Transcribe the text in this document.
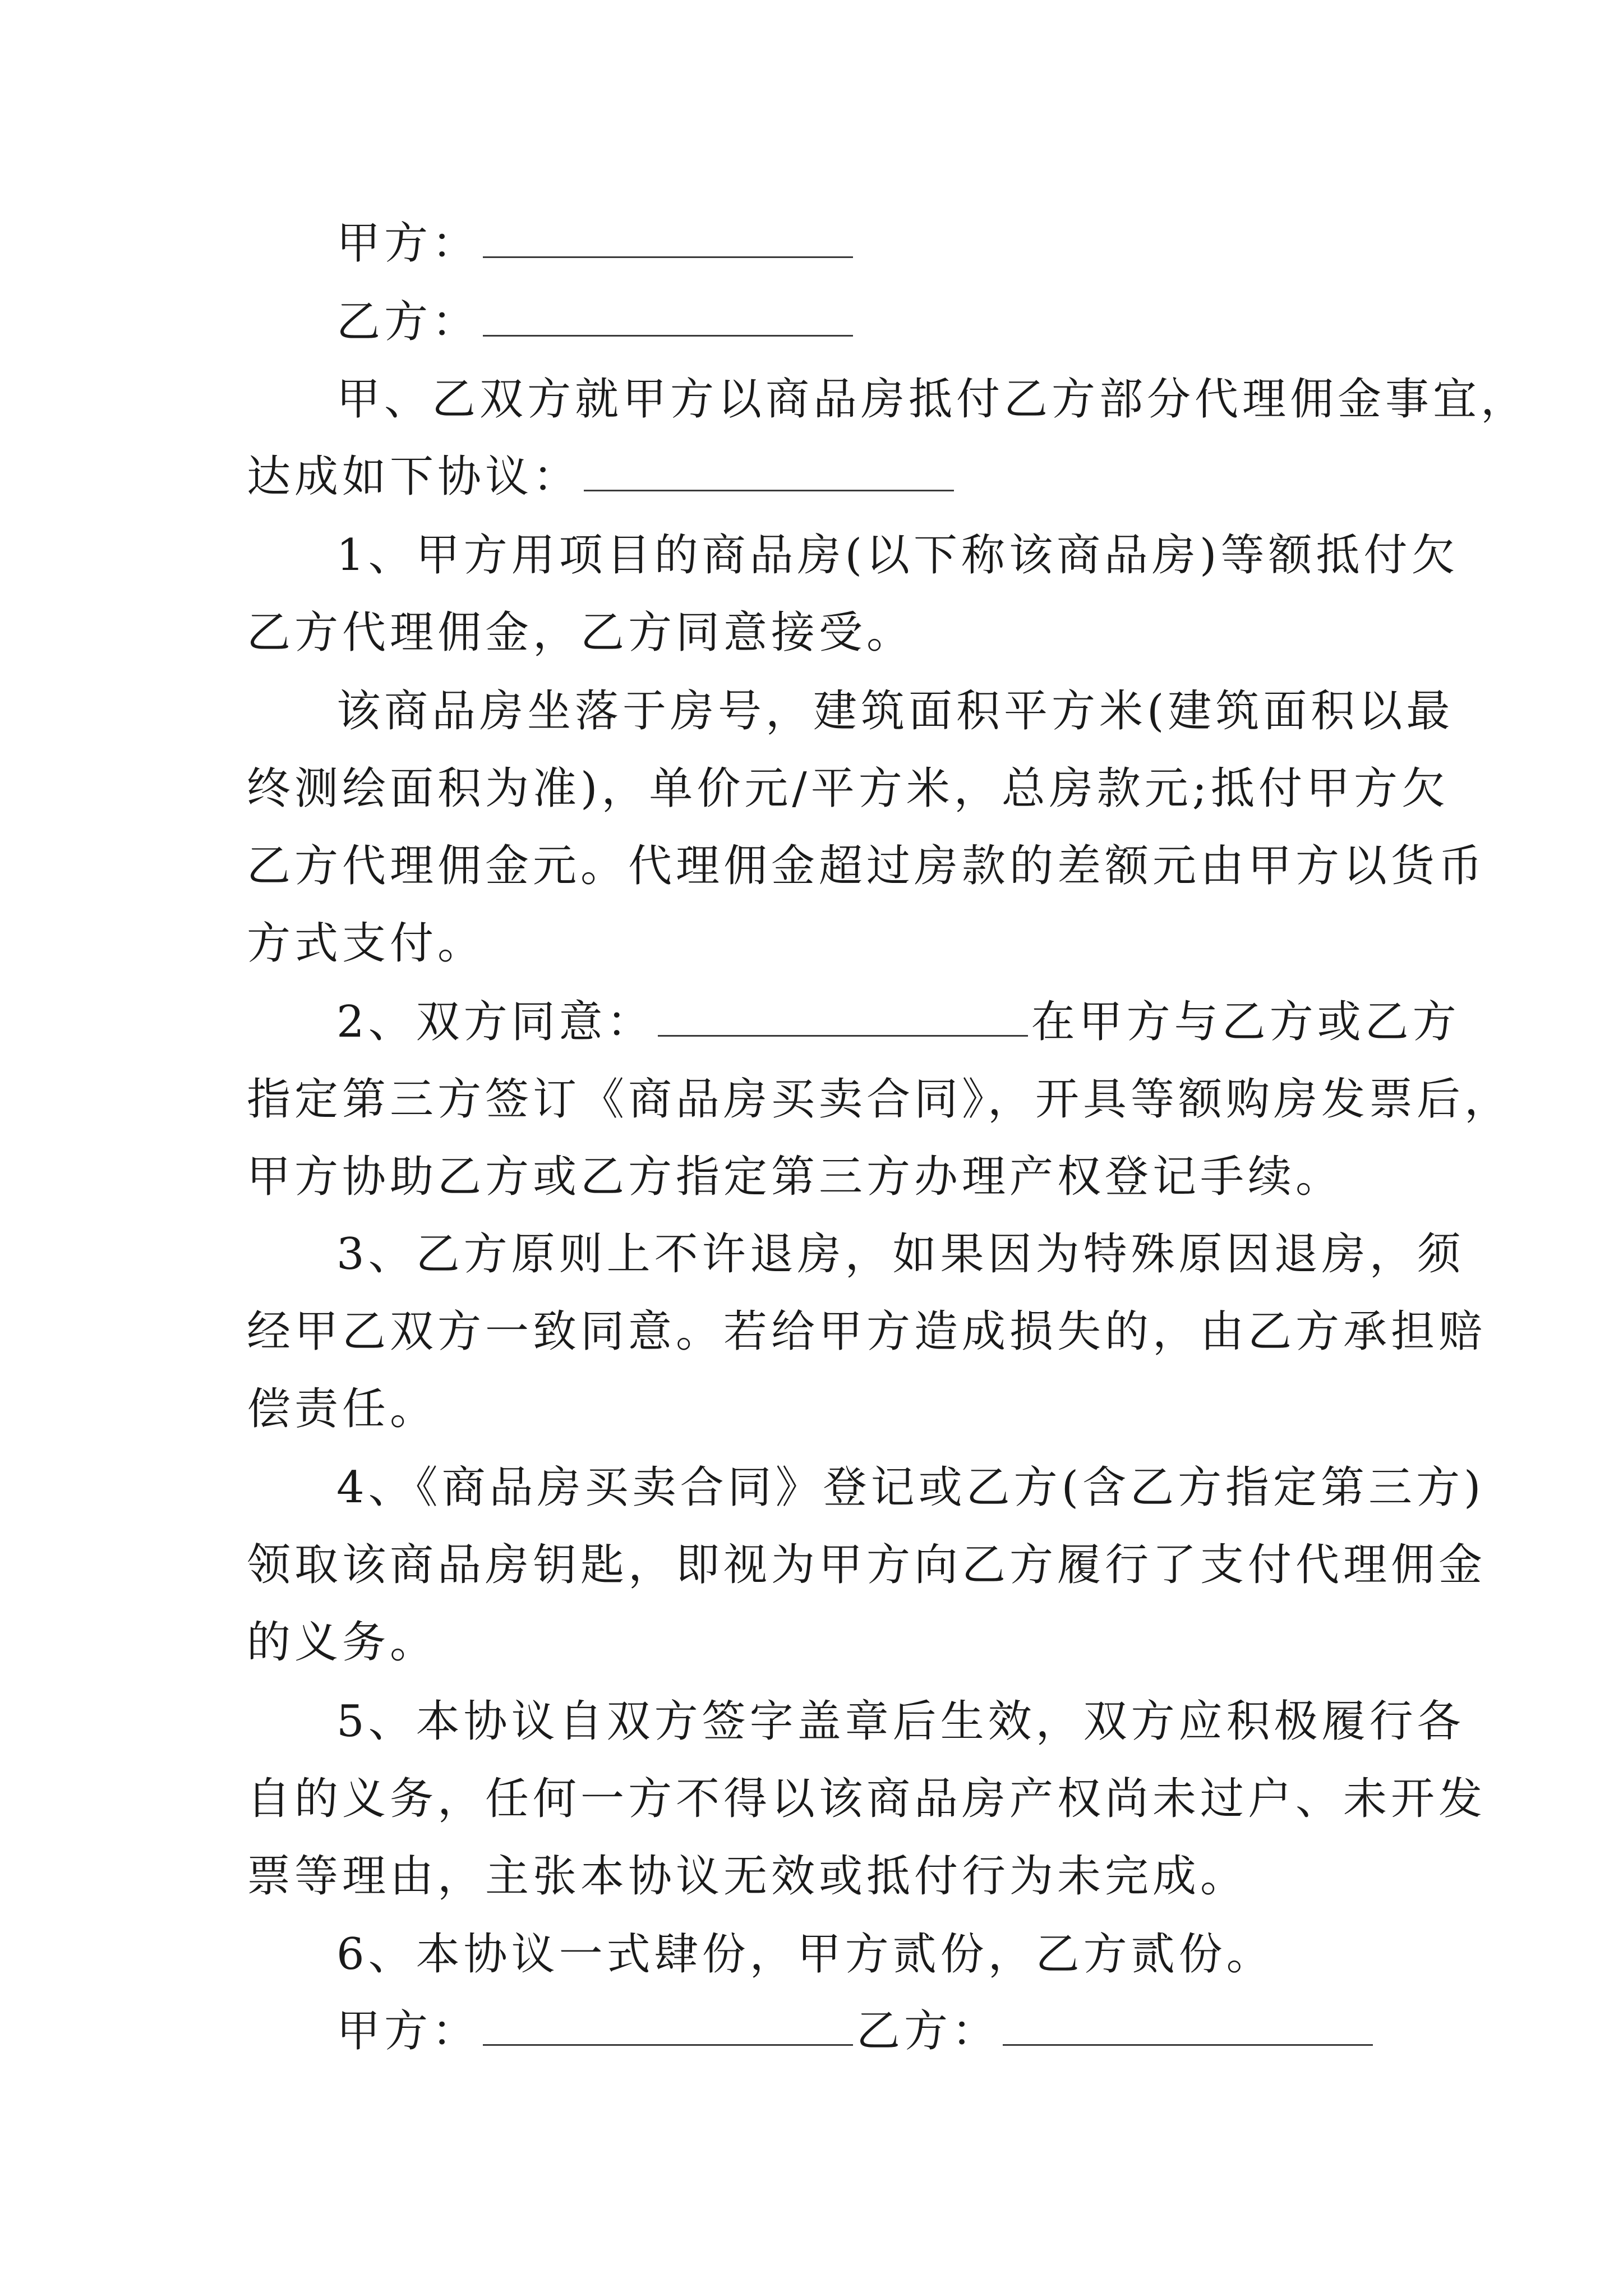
甲方：

乙方：

甲、乙双方就甲方以商品房抵付乙方部分代理佣金事宜，
达成如下协议：

1、甲方用项目的商品房(以下称该商品房)等额抵付欠
乙方代理佣金，乙方同意接受。

该商品房坐落于房号，建筑面积平方米(建筑面积以最
终测绘面积为准)，单价元/平方米，总房款元;抵付甲方欠
乙方代理佣金元。代理佣金超过房款的差额元由甲方以货币
方式支付。

2、双方同意：	在甲方与乙方或乙方
指定第三方签订《商品房买卖合同》，开具等额购房发票后，
甲方协助乙方或乙方指定第三方办理产权登记手续。

3、乙方原则上不许退房，如果因为特殊原因退房，须
经甲乙双方一致同意。若给甲方造成损失的，由乙方承担赔
偿责任。

4、《商品房买卖合同》登记或乙方(含乙方指定第三方)
领取该商品房钥匙，即视为甲方向乙方履行了支付代理佣金
的义务。

5、本协议自双方签字盖章后生效，双方应积极履行各
自的义务，任何一方不得以该商品房产权尚未过户、未开发
票等理由，主张本协议无效或抵付行为未完成。

6、本协议一式肆份，甲方贰份，乙方贰份。

甲方：	乙方：
